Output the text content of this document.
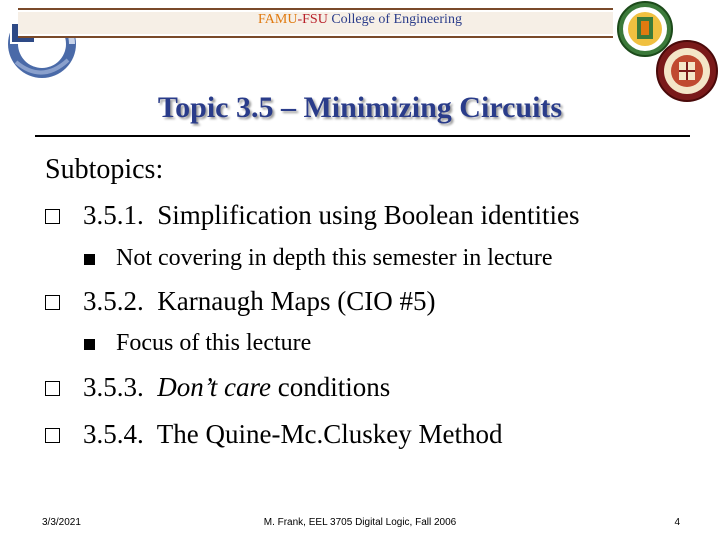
FAMU-FSU College of Engineering
Topic 3.5 – Minimizing Circuits
Subtopics:
3.5.1.  Simplification using Boolean identities
Not covering in depth this semester in lecture
3.5.2.  Karnaugh Maps (CIO #5)
Focus of this lecture
3.5.3.  Don’t care conditions
3.5.4.  The Quine-Mc.Cluskey Method
3/3/2021	M. Frank, EEL 3705 Digital Logic, Fall 2006	4
